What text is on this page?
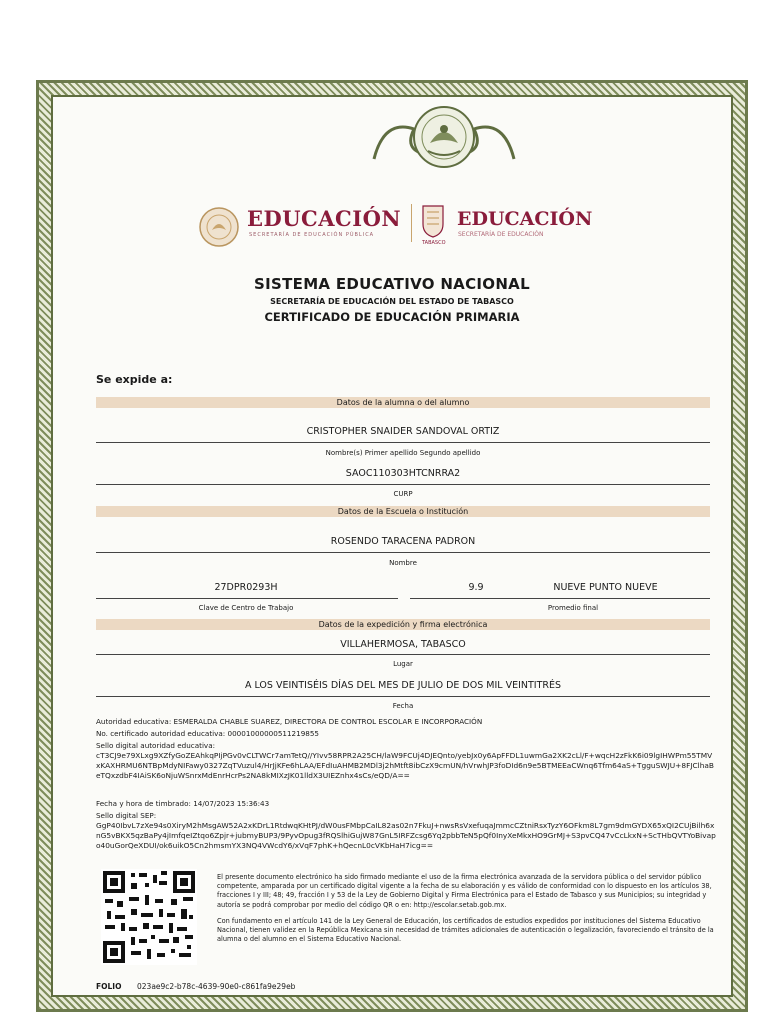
EDUCACIÓN
SECRETARÍA DE EDUCACIÓN PÚBLICA
TABASCO
EDUCACIÓN
SECRETARÍA DE EDUCACIÓN
SISTEMA EDUCATIVO NACIONAL
SECRETARÍA DE EDUCACIÓN DEL ESTADO DE TABASCO
CERTIFICADO DE EDUCACIÓN PRIMARIA
Se expide a:
Datos de la alumna o del alumno
CRISTOPHER SNAIDER SANDOVAL ORTIZ
Nombre(s) Primer apellido Segundo apellido
SAOC110303HTCNRRA2
CURP
Datos de la Escuela o Institución
ROSENDO TARACENA PADRON
Nombre
27DPR0293H	9.9	NUEVE PUNTO NUEVE
Clave de Centro de Trabajo	Promedio final
Datos de la expedición y firma electrónica
VILLAHERMOSA, TABASCO
Lugar
A LOS VEINTISÉIS DÍAS DEL MES DE JULIO DE DOS MIL VEINTITRÉS
Fecha
Autoridad educativa: ESMERALDA CHABLE SUAREZ, DIRECTORA DE CONTROL ESCOLAR E INCORPORACIÓN
No. certificado autoridad educativa: 00001000000511219855
Sello digital autoridad educativa:
cT3CJ9e79XLxg9XZfyGoZEAhkqPIjPGv0vCLTWCr7amTetQ//YIvv58RPR2A25CH/laW9FCUj4DJEQnto/yebJx0y6ApFFDL1uwmGa2XK2cLl/F+wqcH2zFkK6i09lgIHWPm55TMVxKAXHRMU6NTBpMdyNIFawy0327ZqTVuzul4/HrJjKFe6hLAA/EFdIuAHMB2MDl3j2hMtft8ibCzX9cmUN/hVrwhJP3foDId6n9e5BTMEEaCWnq6Tfm64aS+TgguSWJU+8FJClhaBeTQxzdbF4IAiSK6oNjuWSnrxMdEnrHcrPs2NA8kMIXzJK01lldX3UIEZnhx4sCs/eQD/A==
Fecha y hora de timbrado: 14/07/2023 15:36:43
Sello digital SEP:
GgP40IbvL7zXe94s0XiryM2hMsgAW52A2xKDrL1RtdwqKHtPJ/dW0usFMbpCaIL82as02n7FkuJ+nwsRsVxefuqaJmmcCZtniRsxTyzY6OFkm8L7gm9dmGYDX65xQI2CUjBilh6xnG5vBKX5qzBaPy4jImfqeIZtqo6Zpjr+jubmyBUP3/9PyvOpug3fRQSlhiGujW87GnL5IRFZcsg6Yq2pbbTeN5pQf0InyXeMkxHO9GrMJ+S3pvCQ47vCcLkxN+ScTHbQVTYoBivapo40uGorQeXDUI/ok6uikO5Cn2hmsmYX3NQ4VWcdY6/xVqF7phK+hQecnL0cVKbHaH7icg==
El presente documento electrónico ha sido firmado mediante el uso de la firma electrónica avanzada de la servidora pública o del servidor público competente, amparada por un certificado digital vigente a la fecha de su elaboración y es válido de conformidad con lo dispuesto en los artículos 38, fracciones I y III; 48; 49, fracción I y 53 de la Ley de Gobierno Digital y Firma Electrónica para el Estado de Tabasco y sus Municipios; su integridad y autoría se podrá comprobar por medio del código QR o en: http://escolar.setab.gob.mx.
Con fundamento en el artículo 141 de la Ley General de Educación, los certificados de estudios expedidos por instituciones del Sistema Educativo Nacional, tienen validez en la República Mexicana sin necesidad de trámites adicionales de autenticación o legalización, favoreciendo el tránsito de la alumna o del alumno en el Sistema Educativo Nacional.
FOLIO 023ae9c2-b78c-4639-90e0-c861fa9e29eb
